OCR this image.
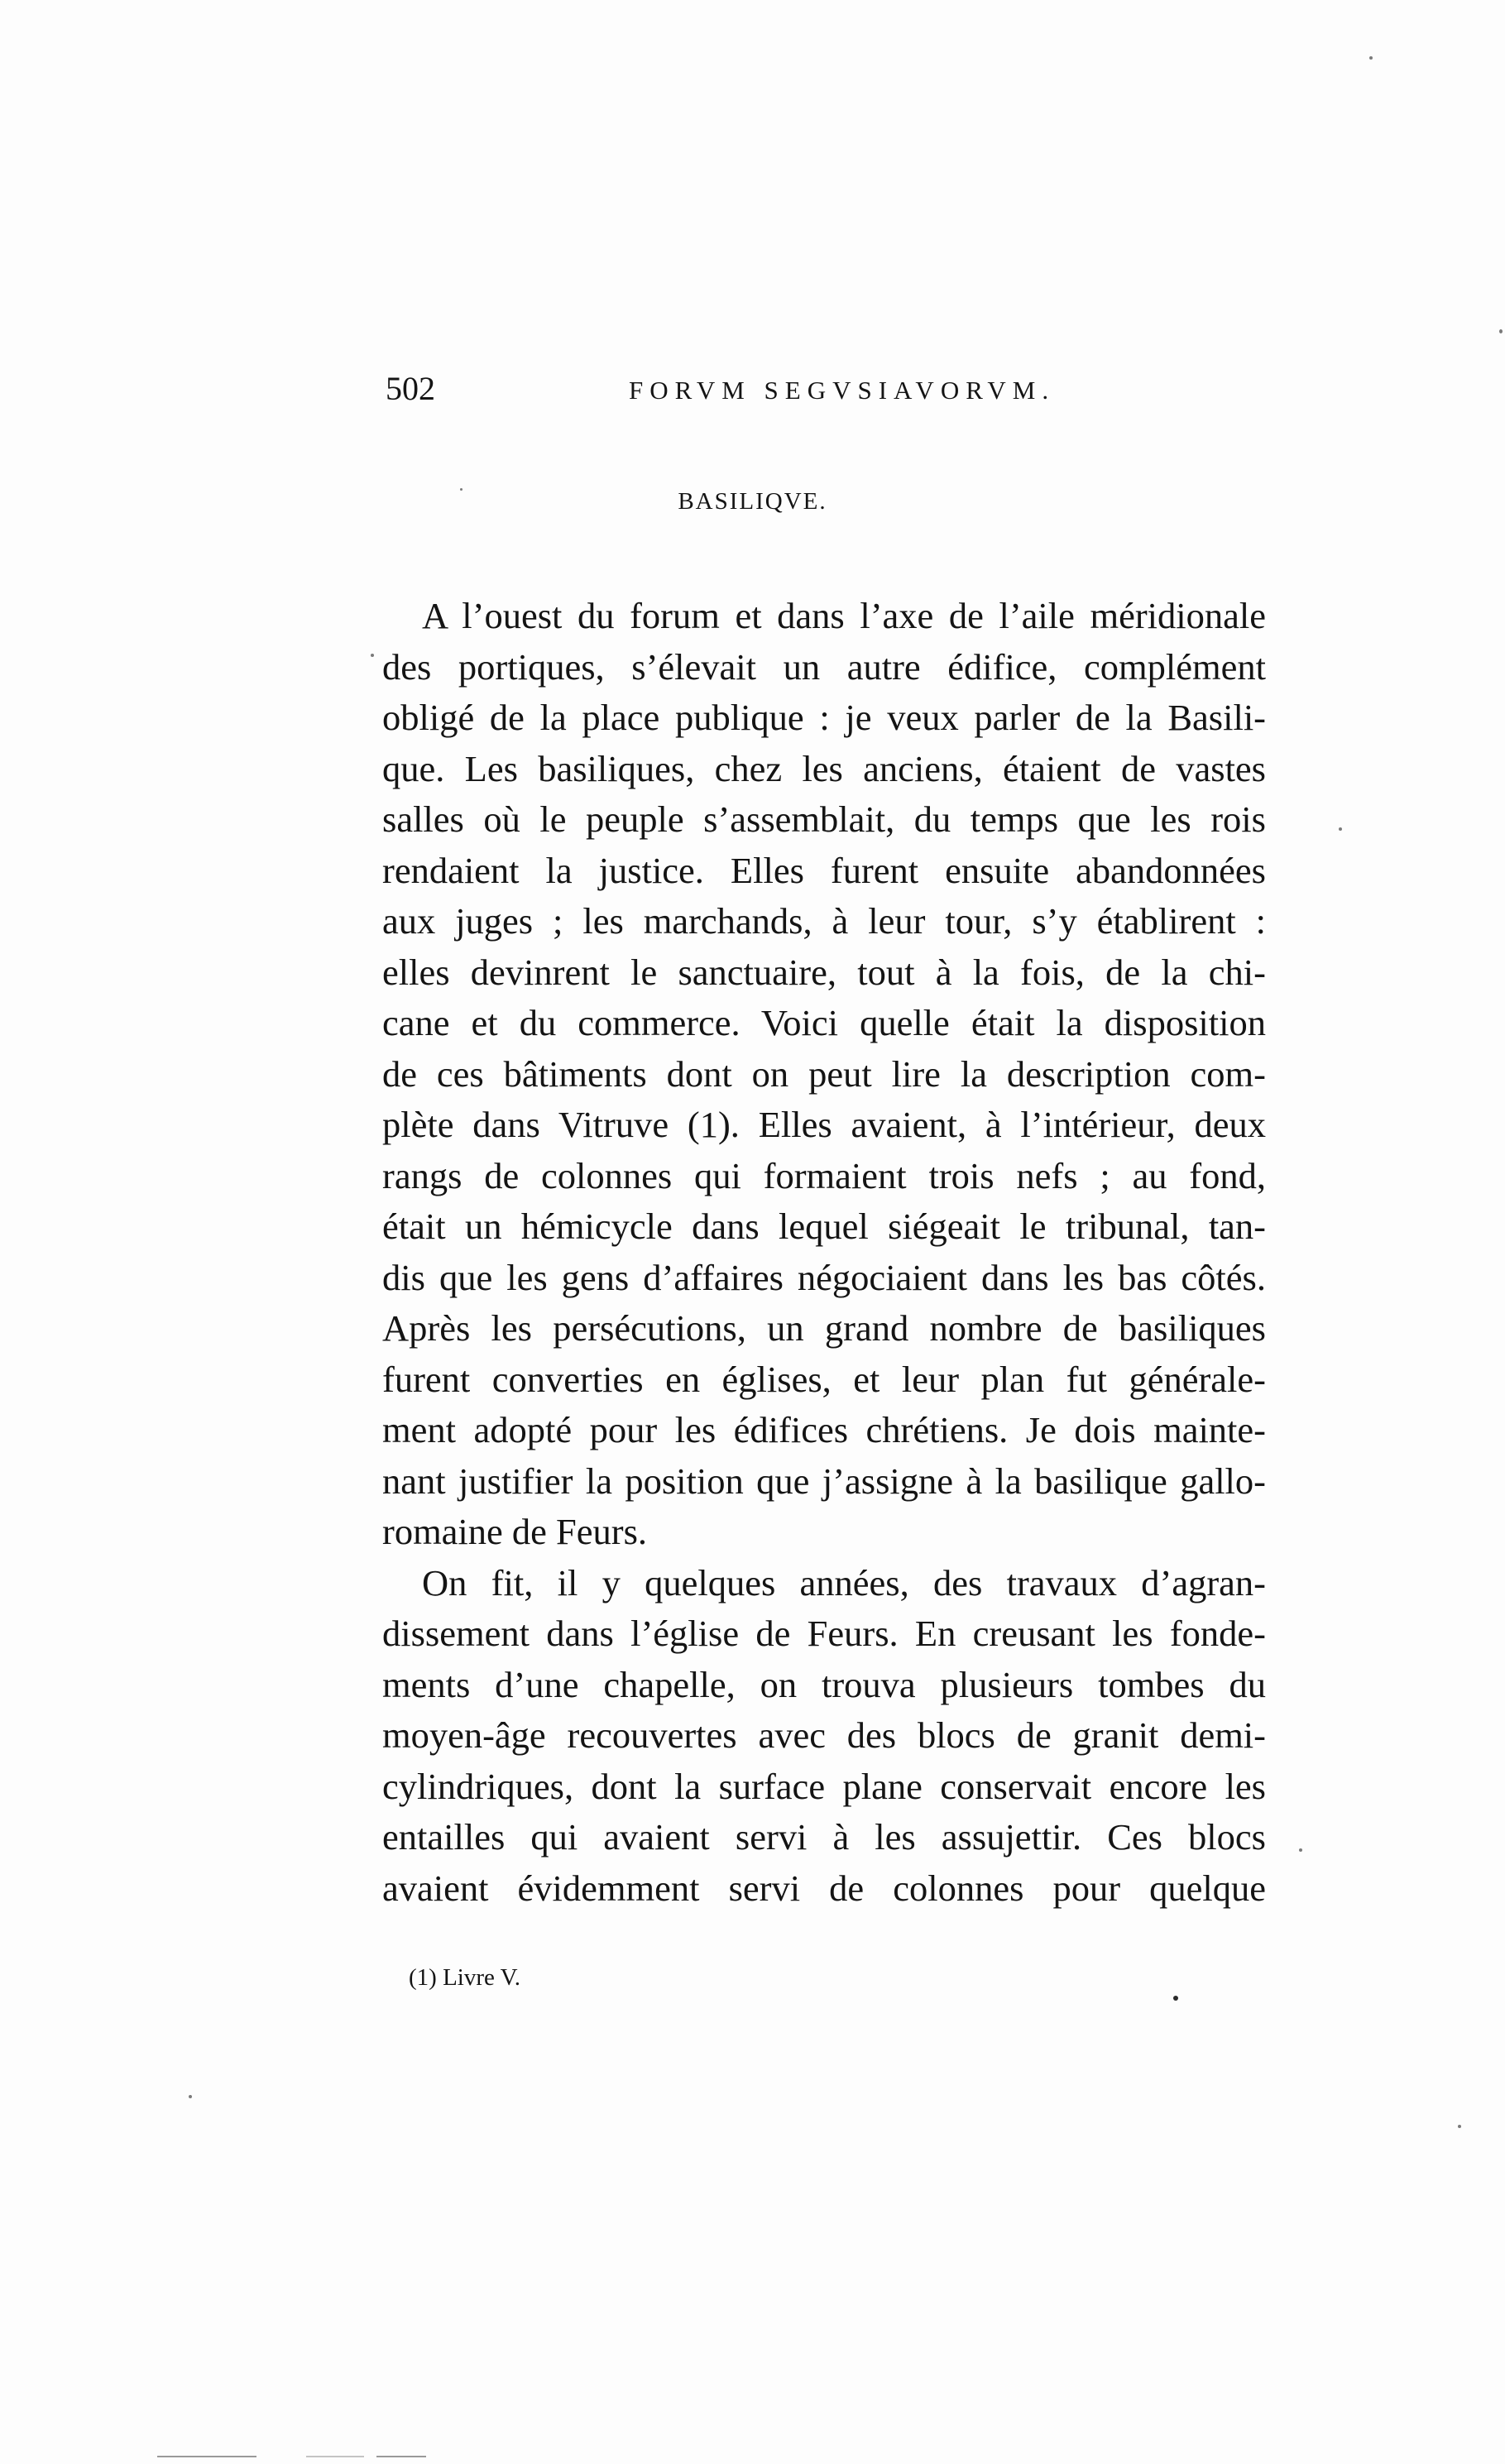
502	FORVM SEGVSIAVORVM.
BASILIQVE.
A l’ouest du forum et dans l’axe de l’aile méridionale
des portiques, s’élevait un autre édifice, complément
obligé de la place publique : je veux parler de la Basili-
que. Les basiliques, chez les anciens, étaient de vastes
salles où le peuple s’assemblait, du temps que les rois
rendaient la justice. Elles furent ensuite abandonnées
aux juges ; les marchands, à leur tour, s’y établirent :
elles devinrent le sanctuaire, tout à la fois, de la chi-
cane et du commerce. Voici quelle était la disposition
de ces bâtiments dont on peut lire la description com-
plète dans Vitruve (1). Elles avaient, à l’intérieur, deux
rangs de colonnes qui formaient trois nefs ; au fond,
était un hémicycle dans lequel siégeait le tribunal, tan-
dis que les gens d’affaires négociaient dans les bas côtés.
Après les persécutions, un grand nombre de basiliques
furent converties en églises, et leur plan fut générale-
ment adopté pour les édifices chrétiens. Je dois mainte-
nant justifier la position que j’assigne à la basilique gallo-
romaine de Feurs.
On fit, il y quelques années, des travaux d’agran-
dissement dans l’église de Feurs. En creusant les fonde-
ments d’une chapelle, on trouva plusieurs tombes du
moyen-âge recouvertes avec des blocs de granit demi-
cylindriques, dont la surface plane conservait encore les
entailles qui avaient servi à les assujettir. Ces blocs
avaient évidemment servi de colonnes pour quelque
(1) Livre V.
